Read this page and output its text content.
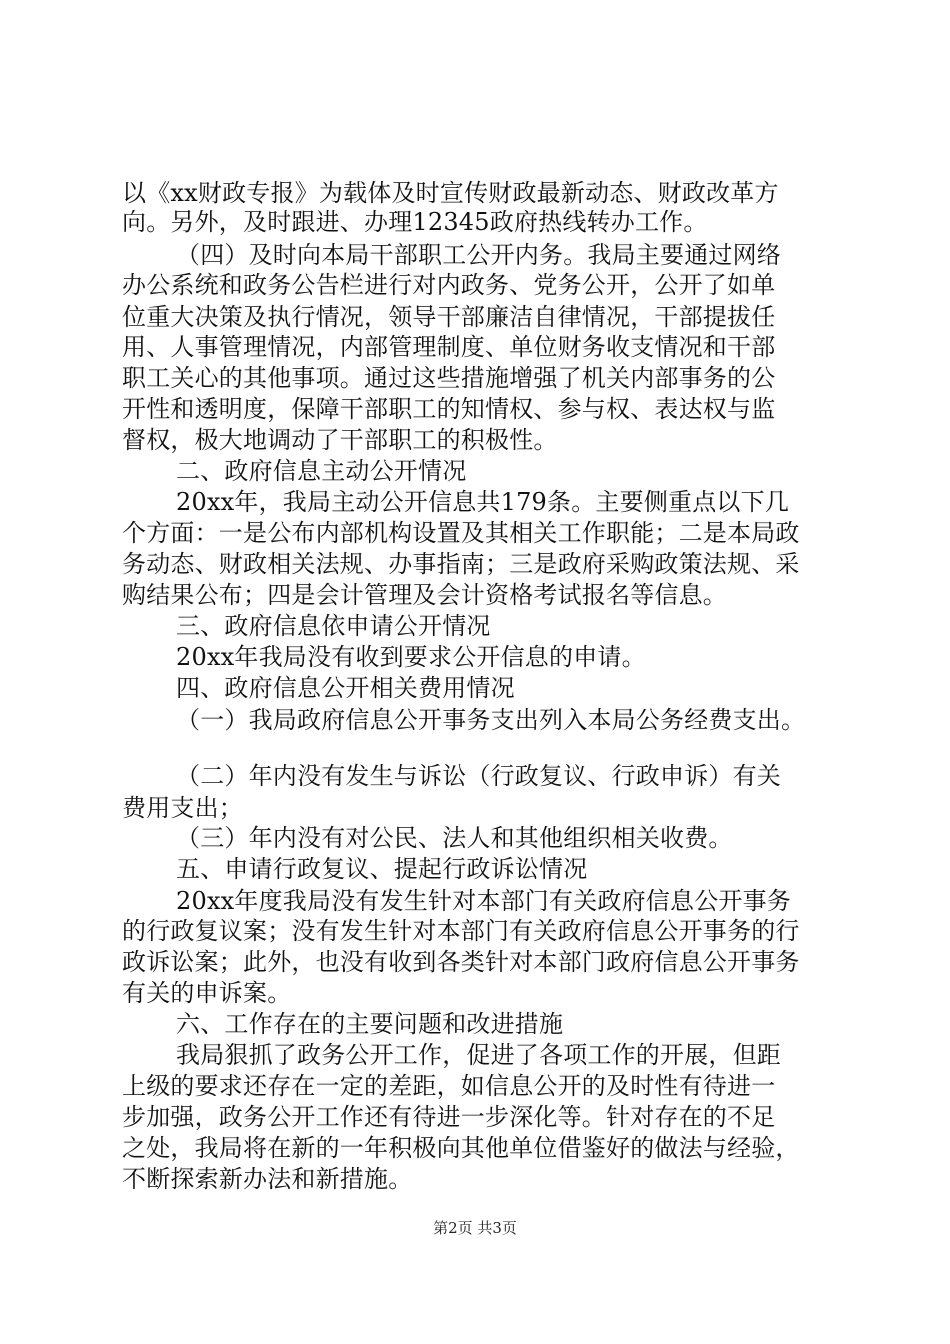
以《xx财政专报》为载体及时宣传财政最新动态、财政改革方
向。另外，及时跟进、办理12345政府热线转办工作。
（四）及时向本局干部职工公开内务。我局主要通过网络
办公系统和政务公告栏进行对内政务、党务公开，公开了如单
位重大决策及执行情况，领导干部廉洁自律情况，干部提拔任
用、人事管理情况，内部管理制度、单位财务收支情况和干部
职工关心的其他事项。通过这些措施增强了机关内部事务的公
开性和透明度，保障干部职工的知情权、参与权、表达权与监
督权，极大地调动了干部职工的积极性。
二、政府信息主动公开情况
20xx年，我局主动公开信息共179条。主要侧重点以下几
个方面：一是公布内部机构设置及其相关工作职能；二是本局政
务动态、财政相关法规、办事指南；三是政府采购政策法规、采
购结果公布；四是会计管理及会计资格考试报名等信息。
三、政府信息依申请公开情况
20xx年我局没有收到要求公开信息的申请。
四、政府信息公开相关费用情况
（一）我局政府信息公开事务支出列入本局公务经费支出。
（二）年内没有发生与诉讼（行政复议、行政申诉）有关
费用支出；
（三）年内没有对公民、法人和其他组织相关收费。
五、申请行政复议、提起行政诉讼情况
20xx年度我局没有发生针对本部门有关政府信息公开事务
的行政复议案；没有发生针对本部门有关政府信息公开事务的行
政诉讼案；此外，也没有收到各类针对本部门政府信息公开事务
有关的申诉案。
六、工作存在的主要问题和改进措施
我局狠抓了政务公开工作，促进了各项工作的开展，但距
上级的要求还存在一定的差距，如信息公开的及时性有待进一
步加强，政务公开工作还有待进一步深化等。针对存在的不足
之处，我局将在新的一年积极向其他单位借鉴好的做法与经验，
不断探索新办法和新措施。
第2页 共3页
